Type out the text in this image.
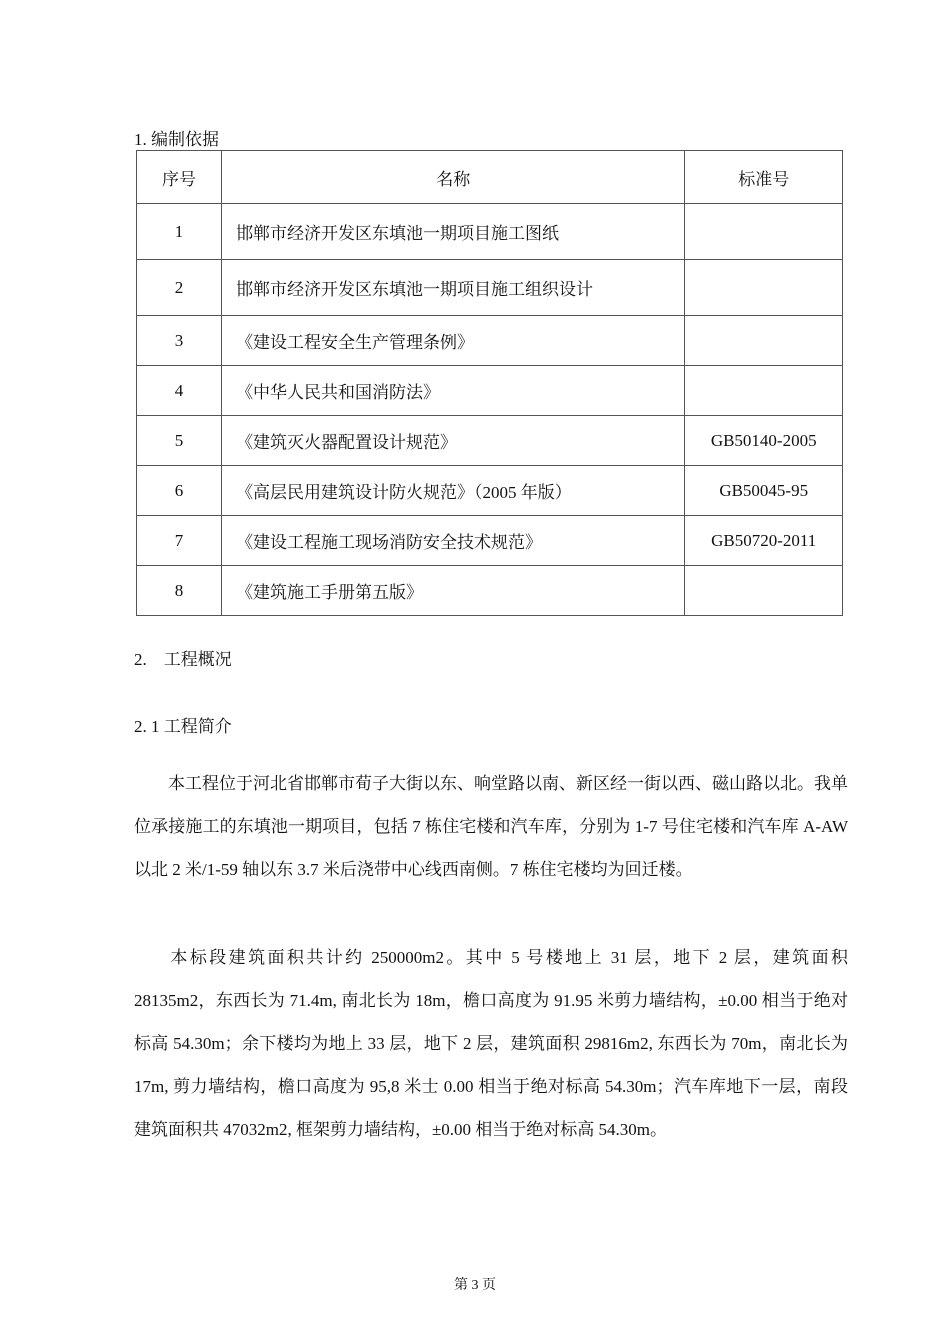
1. 编制依据
序号	名称	标准号
1	邯郸市经济开发区东填池一期项目施工图纸	
2	邯郸市经济开发区东填池一期项目施工组织设计	
3	《建设工程安全生产管理条例》	
4	《中华人民共和国消防法》	
5	《建筑灭火器配置设计规范》	GB50140-2005
6	《高层民用建筑设计防火规范》（2005 年版）	GB50045-95
7	《建设工程施工现场消防安全技术规范》	GB50720-2011
8	《建筑施工手册第五版》	
2.　工程概况
2. 1 工程简介
本工程位于河北省邯郸市荀子大街以东、响堂路以南、新区经一街以西、磁山路以北。我单位承接施工的东填池一期项目，包括 7 栋住宅楼和汽车库，分别为 1-7 号住宅楼和汽车库 A-AW 以北 2 米/1-59 轴以东 3.7 米后浇带中心线西南侧。7 栋住宅楼均为回迁楼。
本标段建筑面积共计约 250000m2。其中 5 号楼地上 31 层，地下 2 层，建筑面积 28135m2，东西长为 71.4m, 南北长为 18m，檐口高度为 91.95 米剪力墙结构，±0.00 相当于绝对标高 54.30m；余下楼均为地上 33 层，地下 2 层，建筑面积 29816m2, 东西长为 70m，南北长为 17m, 剪力墙结构，檐口高度为 95,8 米士 0.00 相当于绝对标高 54.30m；汽车库地下一层，南段建筑面积共 47032m2, 框架剪力墙结构，±0.00 相当于绝对标高 54.30m。
第 3 页
